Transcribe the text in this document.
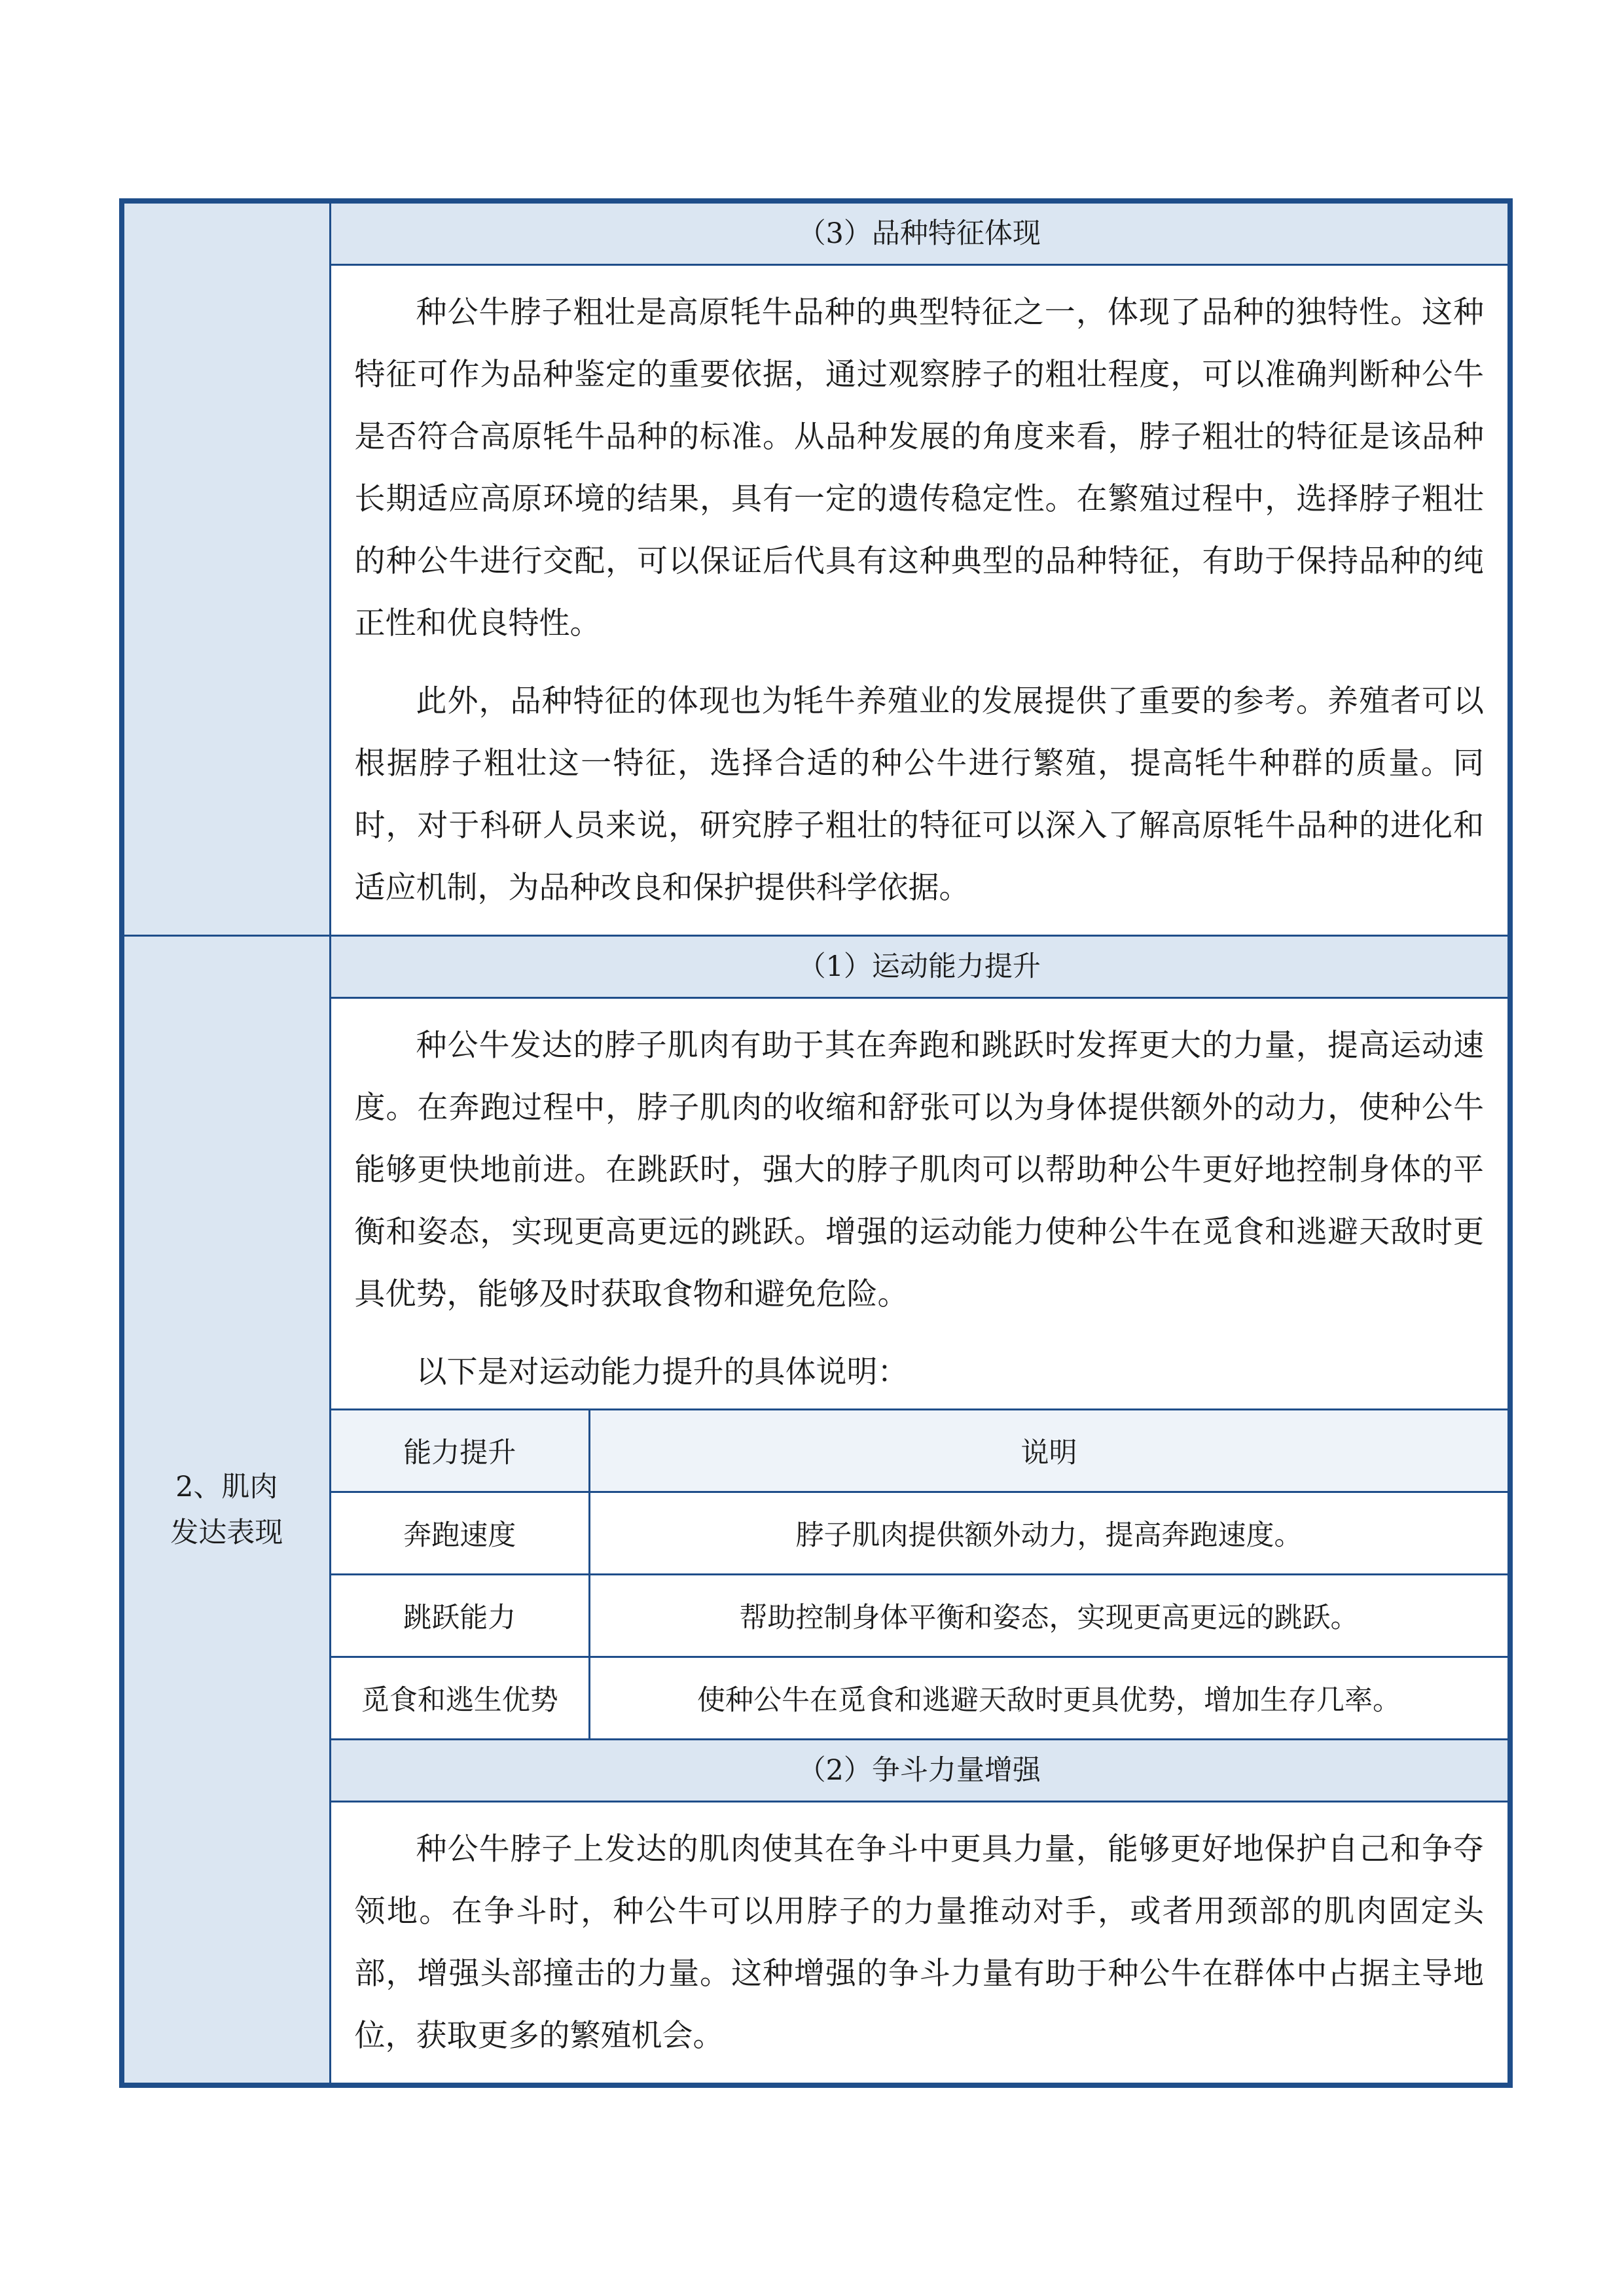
	（3）品种特征体现

种公牛脖子粗壮是高原牦牛品种的典型特征之一，体现了品种的独特性。这种特征可作为品种鉴定的重要依据，通过观察脖子的粗壮程度，可以准确判断种公牛是否符合高原牦牛品种的标准。从品种发展的角度来看，脖子粗壮的特征是该品种长期适应高原环境的结果，具有一定的遗传稳定性。在繁殖过程中，选择脖子粗壮的种公牛进行交配，可以保证后代具有这种典型的品种特征，有助于保持品种的纯正性和优良特性。

此外，品种特征的体现也为牦牛养殖业的发展提供了重要的参考。养殖者可以根据脖子粗壮这一特征，选择合适的种公牛进行繁殖，提高牦牛种群的质量。同时，对于科研人员来说，研究脖子粗壮的特征可以深入了解高原牦牛品种的进化和适应机制，为品种改良和保护提供科学依据。

2、肌肉发达表现	（1）运动能力提升

种公牛发达的脖子肌肉有助于其在奔跑和跳跃时发挥更大的力量，提高运动速度。在奔跑过程中，脖子肌肉的收缩和舒张可以为身体提供额外的动力，使种公牛能够更快地前进。在跳跃时，强大的脖子肌肉可以帮助种公牛更好地控制身体的平衡和姿态，实现更高更远的跳跃。增强的运动能力使种公牛在觅食和逃避天敌时更具优势，能够及时获取食物和避免危险。

以下是对运动能力提升的具体说明：

能力提升	说明
奔跑速度	脖子肌肉提供额外动力，提高奔跑速度。
跳跃能力	帮助控制身体平衡和姿态，实现更高更远的跳跃。
觅食和逃生优势	使种公牛在觅食和逃避天敌时更具优势，增加生存几率。

（2）争斗力量增强

种公牛脖子上发达的肌肉使其在争斗中更具力量，能够更好地保护自己和争夺领地。在争斗时，种公牛可以用脖子的力量推动对手，或者用颈部的肌肉固定头部，增强头部撞击的力量。这种增强的争斗力量有助于种公牛在群体中占据主导地位，获取更多的繁殖机会。
